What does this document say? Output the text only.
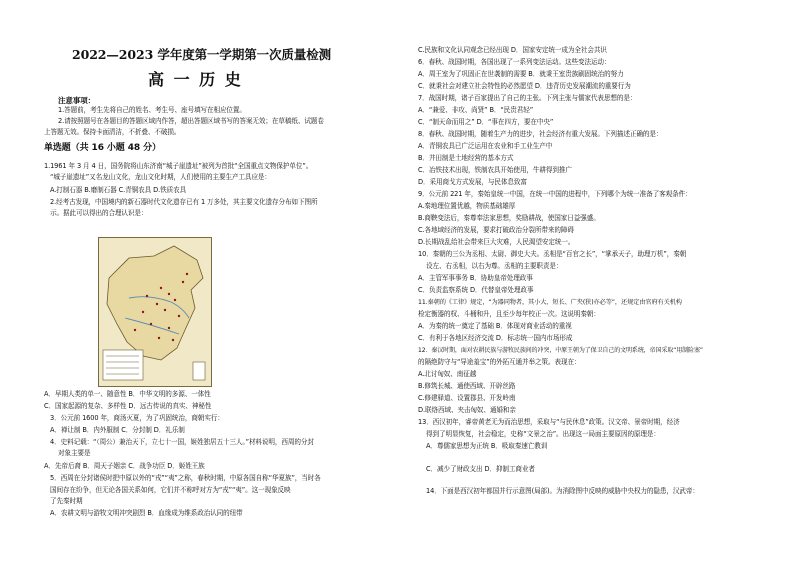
2022—2023 学年度第一学期第一次质量检测
高 一 历 史
注意事项：
1.答题前，考生先将自己的姓名、考生号、座号填写在相应位置。
2.请按照题号在各题目的答题区域内作答，超出答题区域书写的答案无效；在草稿纸、试题卷
上答题无效。保持卡面清洁，不折叠、不破损。
单选题（共 16 小题 48 分）
1.1961 年 3 月 4 日，国务院将山东济南“城子崖遗址”被列为首批“全国重点文物保护单位”。
“城子崖遗址”又名龙山文化，龙山文化时期，人们使用的主要生产工具应是：
A.打制石器 B.磨制石器 C.青铜农具 D.铁质农具
2.经考古发现，中国境内的新石器时代文化遗存已有 1 万多处，其主要文化遗存分布如下图所
示。据此可以得出的合理认识是：
A．早期人类的单一、随意性 B．中华文明的多源、一体性
C．国家起源的复杂、多样性 D．远古传说的真实、神秘性
3．公元前 1600 年，商汤灭夏，为了巩固统治，商朝实行：
A．禅让制 B．内外服制 C．分封制 D．礼乐制
4．史料记载：“（周公）兼治天下，立七十一国，姬姓独居五十三人。”材料说明，西周的分封
对象主要是
A．先帝后裔 B．周天子姻亲 C．战争功臣 D．姬姓王族
5．西周在分封诸侯时把中原以外的“戎”“夷”之称，春秋时期，中原各国自称“华夏族”，当时各
国间存在纷争，但无论各国关系如何，它们并不称呼对方为“戎”“夷”。这一现象反映
了先秦时期
A．农耕文明与游牧文明冲突剧烈 B．血缘成为维系政治认同的纽带
C.民族和文化认同观念已经出现 D．国家安定统一成为全社会共识
6．春秋、战国时期，各国出现了一系列变法运动。这些变法运动：
A．周王室为了巩固正在世袭制的需要 B．就秉王室贵族刷固统治的努力
C．就秉社会对建立社会特性的必然愿望 D．违背历史发展潮流的重要行为
7．战国时期，诸子百家提出了自己的主张。下列主张与儒家代表思想的是：
A．“兼爱、非攻、尚贤” B．“民贵君轻”
C．“制天命而用之” D．“事在四方，要在中央”
8．春秋、战国时期，随着生产力的进步，社会经济有重大发展。下列描述正确的是：
A．青铜农具已广泛运用在农业和手工业生产中
B．井田制是土地经营的基本方式
C．冶铁技术出现，铁制农具开始使用，牛耕得到推广
D．采用商戈方式发展，与民体息致富
9．公元前 221 年，秦始皇统一中国，在统一中国的进程中，下列哪个为统一准备了客观条件：
A.秦地理位置优越，物质基础雄厚
B.商鞅变法后，秦尊奉法家思想，奖励耕战，使国家日益强盛。
C.各地域经济的发展，要求打破政治分裂所带来的障碍
D.长期战乱给社会带来巨大灾难，人民渴望安定统一。
10．秦朝的三公为丞相、太尉、御史大夫。丞相是“百官之长”，“掌承天子，助理万机”，秦朝
设左、右丞相，以右为尊。丞相的主要职责是：
A．主管军事事务 B．协助皇帝处理政事
C．负责监察系统 D．代替皇帝处理政事
11.秦朝的《工律》规定，“为器同物者，其小大、短长、广夹(狭)亦必等”，还规定由官府有关机构
检定衡器的权、斗桶和升，且至少每年校正一次。这说明秦朝：
A．为秦的统一奠定了基础 B．体现对商业活动的重视
C．有利于各地区经济交流 D．标志统一国内市场形成
12．秦汉时期，面对农耕民族与游牧民族间的冲突，中原王朝为了保卫自己的文明系统，帝国采取“用制险塞”
的隔绝防守与“导途羞宝”的外拓互通并举之策。表现在：
A.北讨匈奴、南征越
B.修筑长城、通使西域、开辟丝路
C.修建驿道、设置郡县、开发岭南
D.联络西域、夹击匈奴、通婚和亲
13．西汉初年，睿帝黄老无为而治思想，采取与“与民休息”政策。汉文帝、景帝时期，经济
得到了明显恢复，社会稳定，史称“文景之治”。出现这一局面主要原因的原理是：
A．尊儒家思想为正统 B．吸取秦速亡教训
C．减少了财政支出 D．抑制工商业者
14．下面是西汉初年都国并行示意图(局部)。为消除图中反映的威胁中央权力的隐患，汉武帝：
